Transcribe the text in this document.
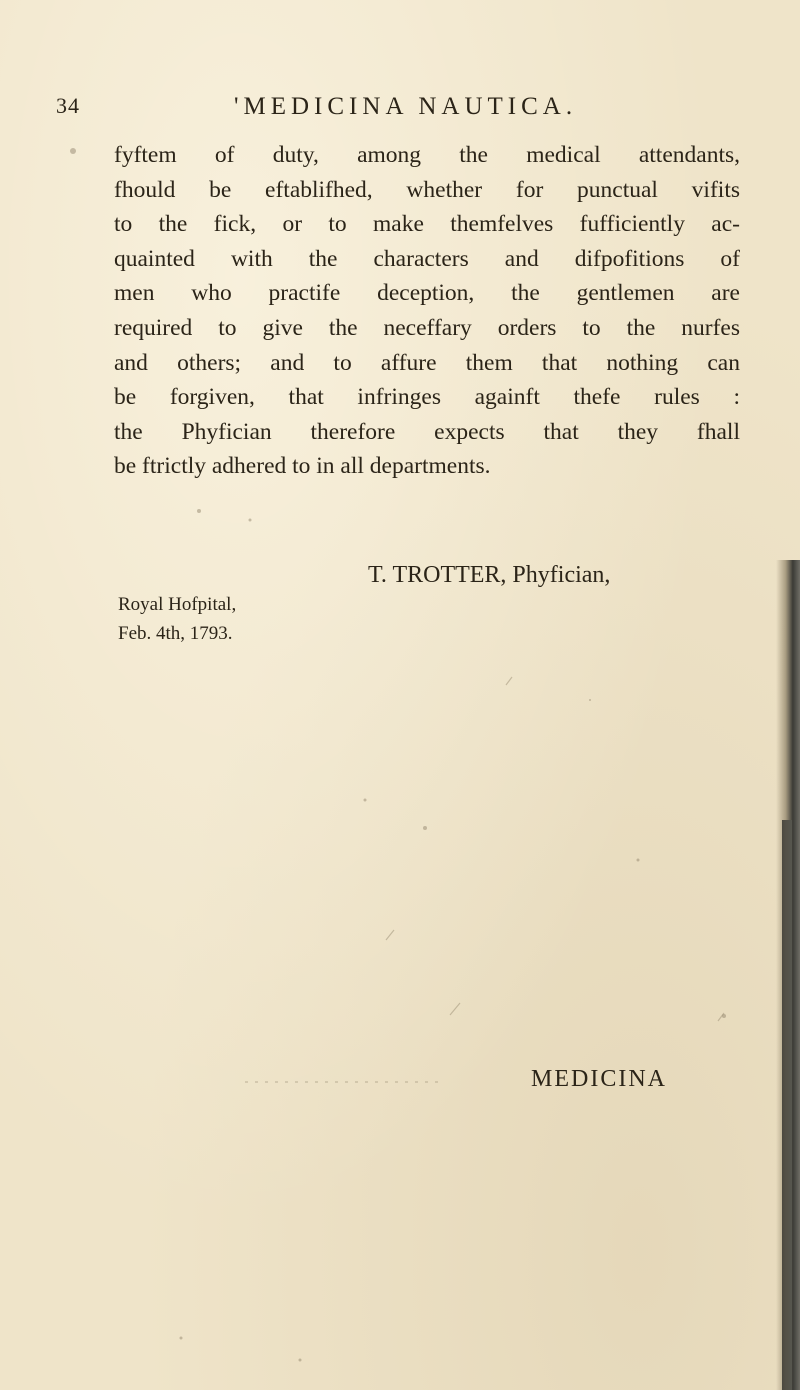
34	'MEDICINA NAUTICA.
fyftem of duty, among the medical attendants,
fhould be eftablifhed, whether for punctual vifits
to the fick, or to make themfelves fufficiently ac-
quainted with the characters and difpofitions of
men who practife deception, the gentlemen are
required to give the neceffary orders to the nurfes
and others; and to affure them that nothing can
be forgiven, that infringes againft thefe rules :
the Phyfician therefore expects that they fhall
be ftrictly adhered to in all departments.
T. TROTTER, Phyfician,
Royal Hofpital,
Feb. 4th, 1793.
MEDICINA
